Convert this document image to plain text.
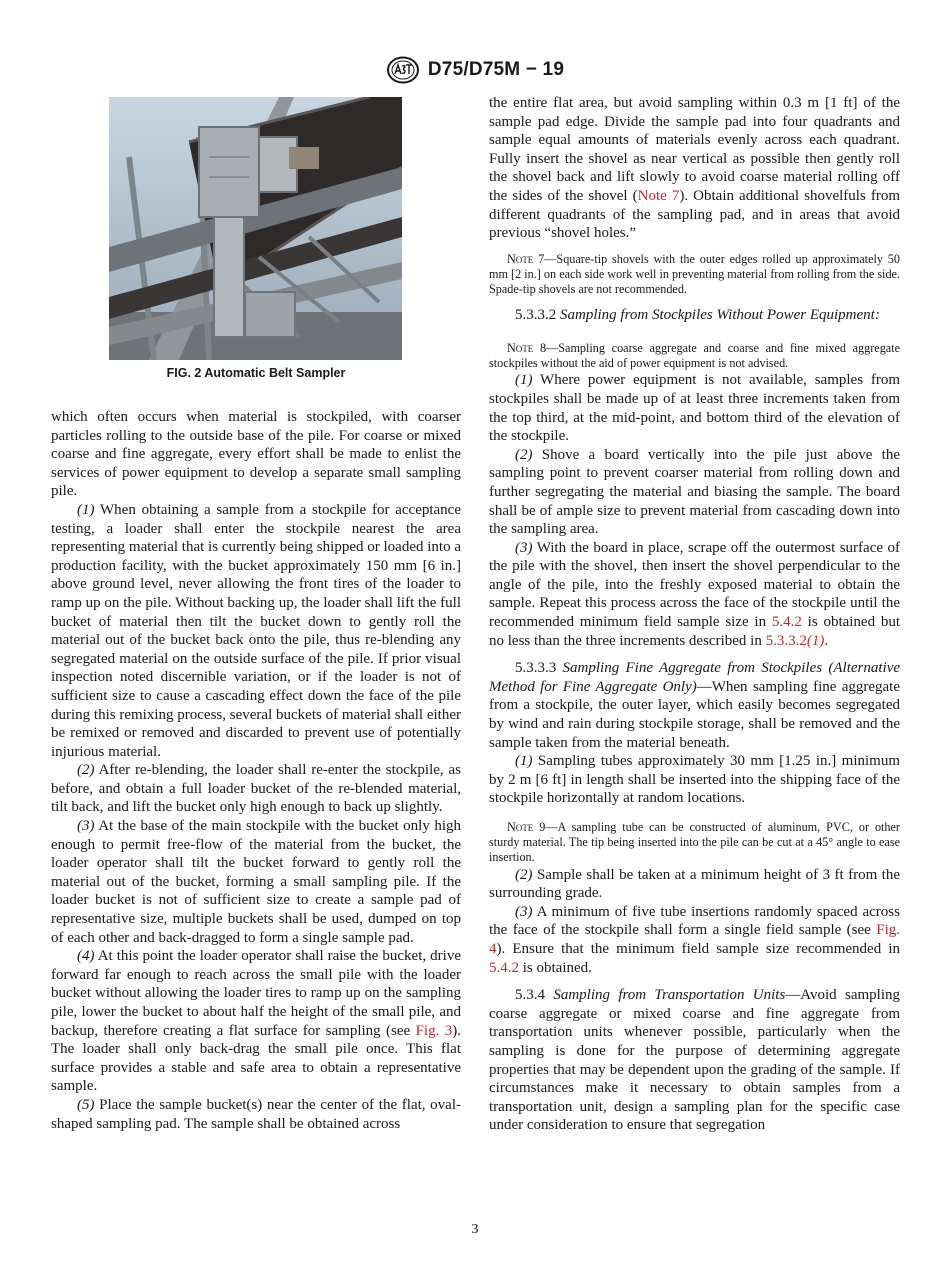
D75/D75M − 19
FIG. 2 Automatic Belt Sampler

which often occurs when material is stockpiled, with coarser particles rolling to the outside base of the pile. For coarse or mixed coarse and fine aggregate, every effort shall be made to enlist the services of power equipment to develop a separate small sampling pile.

(1) When obtaining a sample from a stockpile for acceptance testing, a loader shall enter the stockpile nearest the area representing material that is currently being shipped or loaded into a production facility, with the bucket approximately 150 mm [6 in.] above ground level, never allowing the front tires of the loader to ramp up on the pile. Without backing up, the loader shall lift the full bucket of material then tilt the bucket down to gently roll the material out of the bucket back onto the pile, thus re-blending any segregated material on the outside surface of the pile. If prior visual inspection noted discernible variation, or if the loader is not of sufficient size to cause a cascading effect down the face of the pile during this remixing process, several buckets of material shall either be remixed or removed and discarded to prevent use of potentially injurious material.

(2) After re-blending, the loader shall re-enter the stockpile, as before, and obtain a full loader bucket of the re-blended material, tilt back, and lift the bucket only high enough to back up slightly.

(3) At the base of the main stockpile with the bucket only high enough to permit free-flow of the material from the bucket, the loader operator shall tilt the bucket forward to gently roll the material out of the bucket, forming a small sampling pile. If the loader bucket is not of sufficient size to create a sample pad of representative size, multiple buckets shall be used, dumped on top of each other and back-dragged to form a single sample pad.

(4) At this point the loader operator shall raise the bucket, drive forward far enough to reach across the small pile with the loader bucket without allowing the loader tires to ramp up on the sampling pile, lower the bucket to about half the height of the small pile, and backup, therefore creating a flat surface for sampling (see Fig. 3). The loader shall only back-drag the small pile once. This flat surface provides a stable and safe area to obtain a representative sample.

(5) Place the sample bucket(s) near the center of the flat, oval-shaped sampling pad. The sample shall be obtained across

the entire flat area, but avoid sampling within 0.3 m [1 ft] of the sample pad edge. Divide the sample pad into four quadrants and sample equal amounts of materials evenly across each quadrant. Fully insert the shovel as near vertical as possible then gently roll the shovel back and lift slowly to avoid coarse material rolling off the sides of the shovel (Note 7). Obtain additional shovelfuls from different quadrants of the sampling pad, and in areas that avoid previous “shovel holes.”

Note 7—Square-tip shovels with the outer edges rolled up approximately 50 mm [2 in.] on each side work well in preventing material from rolling from the side. Spade-tip shovels are not recommended.

5.3.3.2 Sampling from Stockpiles Without Power Equipment:

Note 8—Sampling coarse aggregate and coarse and fine mixed aggregate stockpiles without the aid of power equipment is not advised.

(1) Where power equipment is not available, samples from stockpiles shall be made up of at least three increments taken from the top third, at the mid-point, and bottom third of the elevation of the stockpile.

(2) Shove a board vertically into the pile just above the sampling point to prevent coarser material from rolling down and further segregating the material and biasing the sample. The board shall be of ample size to prevent material from cascading down into the sampling area.

(3) With the board in place, scrape off the outermost surface of the pile with the shovel, then insert the shovel perpendicular to the angle of the pile, into the freshly exposed material to obtain the sample. Repeat this process across the face of the stockpile until the recommended minimum field sample size in 5.4.2 is obtained but no less than the three increments described in 5.3.3.2(1).

5.3.3.3 Sampling Fine Aggregate from Stockpiles (Alternative Method for Fine Aggregate Only)—When sampling fine aggregate from a stockpile, the outer layer, which easily becomes segregated by wind and rain during stockpile storage, shall be removed and the sample taken from the material beneath.

(1) Sampling tubes approximately 30 mm [1.25 in.] minimum by 2 m [6 ft] in length shall be inserted into the shipping face of the stockpile horizontally at random locations.

Note 9—A sampling tube can be constructed of aluminum, PVC, or other sturdy material. The tip being inserted into the pile can be cut at a 45° angle to ease insertion.

(2) Sample shall be taken at a minimum height of 3 ft from the surrounding grade.

(3) A minimum of five tube insertions randomly spaced across the face of the stockpile shall form a single field sample (see Fig. 4). Ensure that the minimum field sample size recommended in 5.4.2 is obtained.

5.3.4 Sampling from Transportation Units—Avoid sampling coarse aggregate or mixed coarse and fine aggregate from transportation units whenever possible, particularly when the sampling is done for the purpose of determining aggregate properties that may be dependent upon the grading of the sample. If circumstances make it necessary to obtain samples from a transportation unit, design a sampling plan for the specific case under consideration to ensure that segregation

3
